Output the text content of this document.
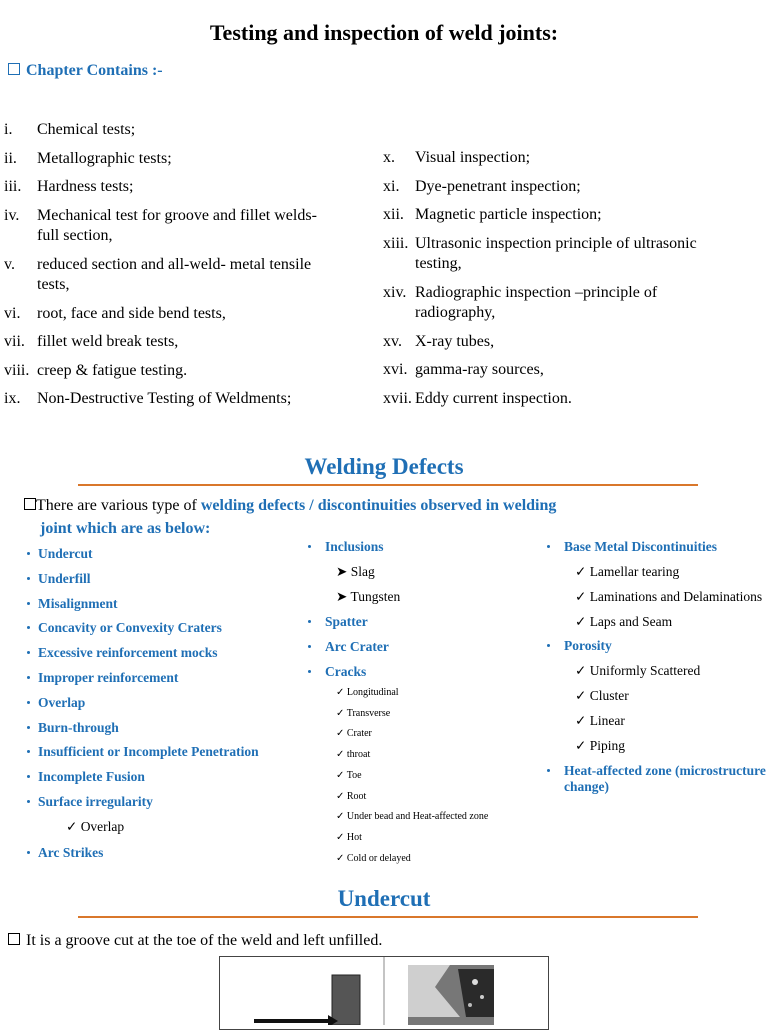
Testing and inspection of weld joints:
Chapter Contains :-
i. Chemical tests;
ii. Metallographic tests;
iii. Hardness tests;
iv. Mechanical test for groove and fillet welds-
full section,
v. reduced section and all-weld- metal tensile
tests,
vi. root, face and side bend tests,
vii. fillet weld break tests,
viii. creep & fatigue testing.
ix. Non-Destructive Testing of Weldments;
x. Visual inspection;
xi. Dye-penetrant inspection;
xii. Magnetic particle inspection;
xiii. Ultrasonic inspection principle of ultrasonic
testing,
xiv. Radiographic inspection –principle of
radiography,
xv. X-ray tubes,
xvi. gamma-ray sources,
xvii. Eddy current inspection.
Welding Defects
There are various type of welding defects / discontinuities observed in welding
joint which are as below:
Undercut
Underfill
Misalignment
Concavity or Convexity Craters
Excessive reinforcement mocks
Improper reinforcement
Overlap
Burn-through
Insufficient or Incomplete Penetration
Incomplete Fusion
Surface irregularity
✓ Overlap
Arc Strikes
Inclusions
➤ Slag
➤ Tungsten
Spatter
Arc Crater
Cracks
✓ Longitudinal
✓ Transverse
✓ Crater
✓ throat
✓ Toe
✓ Root
✓ Under bead and Heat-affected zone
✓ Hot
✓ Cold or delayed
Base Metal Discontinuities
✓ Lamellar tearing
✓ Laminations and Delaminations
✓ Laps and Seam
Porosity
✓ Uniformly Scattered
✓ Cluster
✓ Linear
✓ Piping
Heat-affected zone (microstructure
change)
Undercut
It is a groove cut at the toe of the weld and left unfilled.
